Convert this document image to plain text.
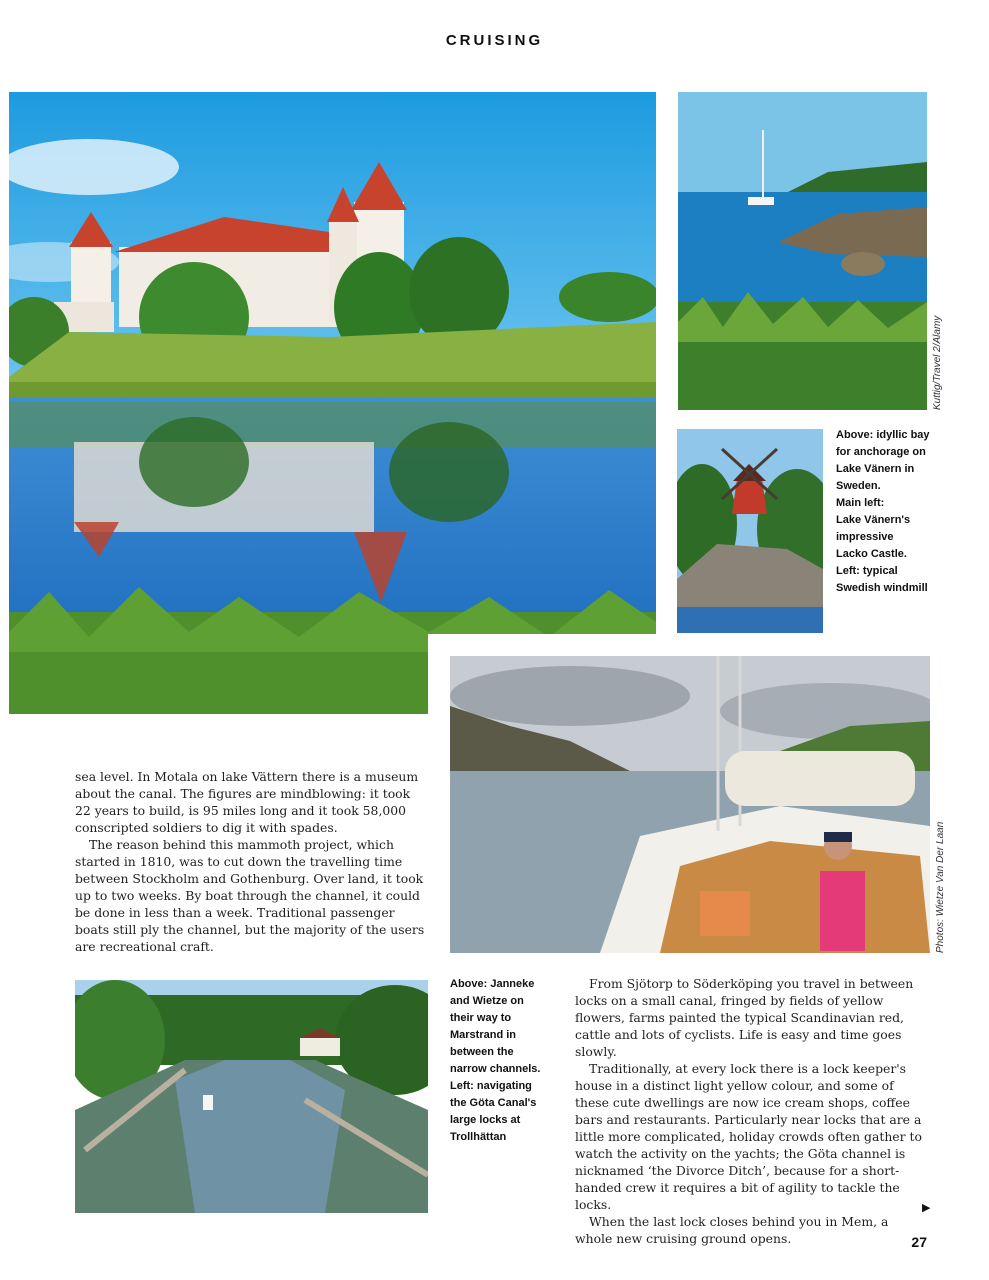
CRUISING
Kuttig/Travel 2/Alamy

Above: idyllic bay

for anchorage on

Lake Vänern in

Sweden.

Main left:

Lake Vänern's

impressive

Lacko Castle.

Left: typical

Swedish windmill

Photos: Wietze Van Der Laan

sea level. In Motala on lake Vättern there is a museum about the canal. The figures are mindblowing: it took 22 years to build, is 95 miles long and it took 58,000 conscripted soldiers to dig it with spades.

The reason behind this mammoth project, which started in 1810, was to cut down the travelling time between Stockholm and Gothenburg. Over land, it took up to two weeks. By boat through the channel, it could be done in less than a week. Traditional passenger boats still ply the channel, but the majority of the users are recreational craft.

Above: Janneke

and Wietze on

their way to

Marstrand in

between the

narrow channels.

Left: navigating

the Göta Canal's

large locks at

Trollhättan

From Sjötorp to Söderköping you travel in between locks on a small canal, fringed by fields of yellow flowers, farms painted the typical Scandinavian red, cattle and lots of cyclists. Life is easy and time goes slowly.

Traditionally, at every lock there is a lock keeper's house in a distinct light yellow colour, and some of these cute dwellings are now ice cream shops, coffee bars and restaurants. Particularly near locks that are a little more complicated, holiday crowds often gather to watch the activity on the yachts; the Göta channel is nicknamed ‘the Divorce Ditch’, because for a short-handed crew it requires a bit of agility to tackle the locks.

When the last lock closes behind you in Mem, a whole new cruising ground opens.

▶
27
